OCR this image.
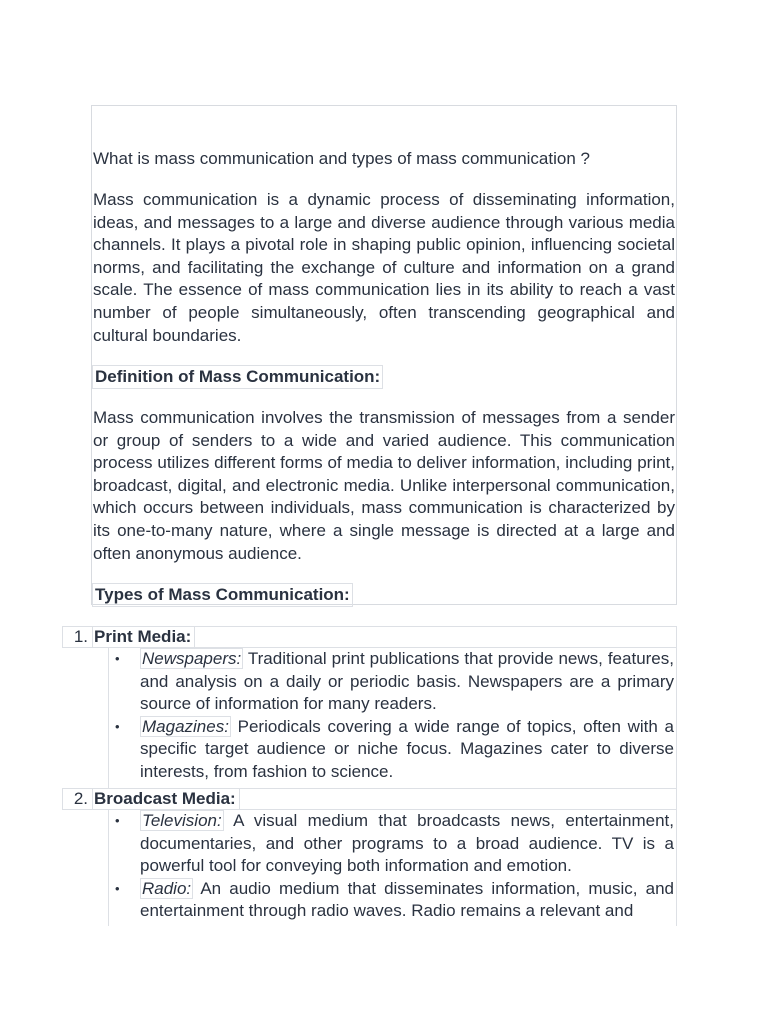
What is mass communication and types of mass communication ?

Mass communication is a dynamic process of disseminating information, ideas, and messages to a large and diverse audience through various media channels. It plays a pivotal role in shaping public opinion, influencing societal norms, and facilitating the exchange of culture and information on a grand scale. The essence of mass communication lies in its ability to reach a vast number of people simultaneously, often transcending geographical and cultural boundaries.

Definition of Mass Communication:

Mass communication involves the transmission of messages from a sender or group of senders to a wide and varied audience. This communication process utilizes different forms of media to deliver information, including print, broadcast, digital, and electronic media. Unlike interpersonal communication, which occurs between individuals, mass communication is characterized by its one-to-many nature, where a single message is directed at a large and often anonymous audience.

Types of Mass Communication:
1. Print Media:
• Newspapers: Traditional print publications that provide news, features, and analysis on a daily or periodic basis. Newspapers are a primary source of information for many readers.

• Magazines: Periodicals covering a wide range of topics, often with a specific target audience or niche focus. Magazines cater to diverse interests, from fashion to science.

2. Broadcast Media:
• Television: A visual medium that broadcasts news, entertainment, documentaries, and other programs to a broad audience. TV is a powerful tool for conveying both information and emotion.

• Radio: An audio medium that disseminates information, music, and entertainment through radio waves. Radio remains a relevant and
